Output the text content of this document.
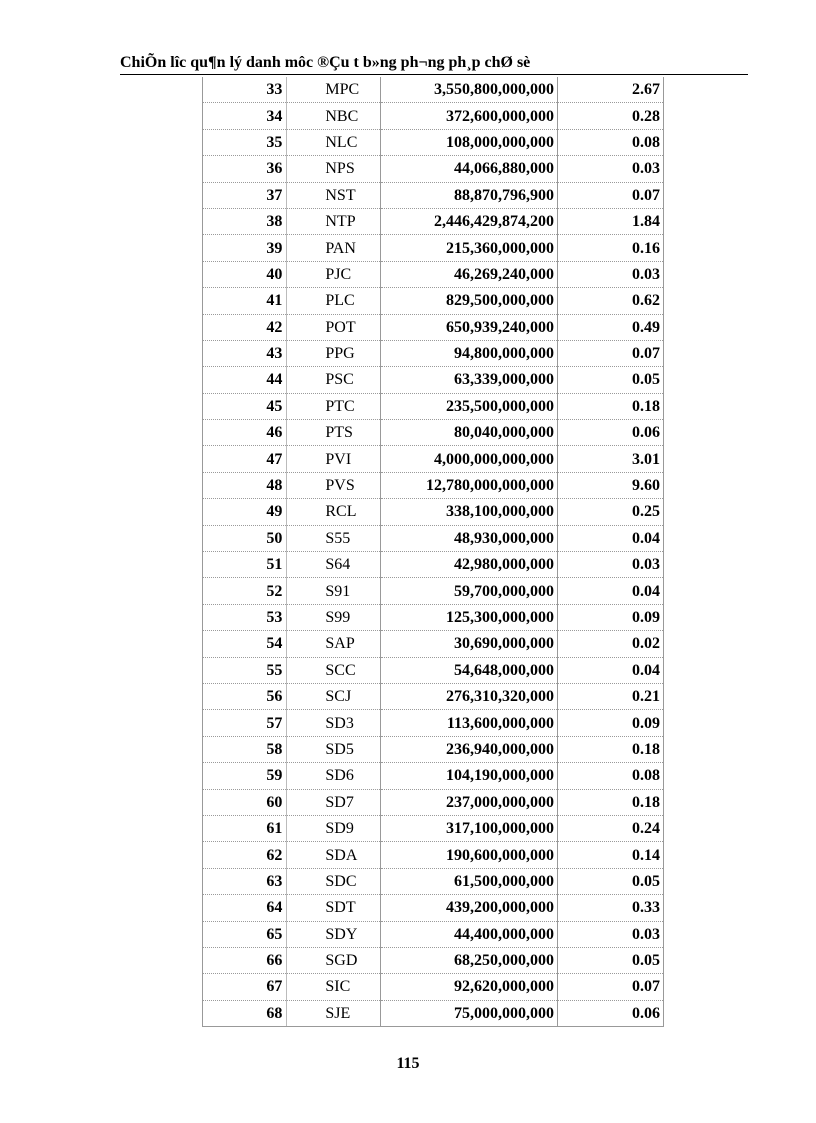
ChiÕn lîc qu¶n lý danh môc ®Çu t b»ng ph¬ng ph¸p chØ sè
33	MPC	3,550,800,000,000	2.67
34	NBC	372,600,000,000	0.28
35	NLC	108,000,000,000	0.08
36	NPS	44,066,880,000	0.03
37	NST	88,870,796,900	0.07
38	NTP	2,446,429,874,200	1.84
39	PAN	215,360,000,000	0.16
40	PJC	46,269,240,000	0.03
41	PLC	829,500,000,000	0.62
42	POT	650,939,240,000	0.49
43	PPG	94,800,000,000	0.07
44	PSC	63,339,000,000	0.05
45	PTC	235,500,000,000	0.18
46	PTS	80,040,000,000	0.06
47	PVI	4,000,000,000,000	3.01
48	PVS	12,780,000,000,000	9.60
49	RCL	338,100,000,000	0.25
50	S55	48,930,000,000	0.04
51	S64	42,980,000,000	0.03
52	S91	59,700,000,000	0.04
53	S99	125,300,000,000	0.09
54	SAP	30,690,000,000	0.02
55	SCC	54,648,000,000	0.04
56	SCJ	276,310,320,000	0.21
57	SD3	113,600,000,000	0.09
58	SD5	236,940,000,000	0.18
59	SD6	104,190,000,000	0.08
60	SD7	237,000,000,000	0.18
61	SD9	317,100,000,000	0.24
62	SDA	190,600,000,000	0.14
63	SDC	61,500,000,000	0.05
64	SDT	439,200,000,000	0.33
65	SDY	44,400,000,000	0.03
66	SGD	68,250,000,000	0.05
67	SIC	92,620,000,000	0.07
68	SJE	75,000,000,000	0.06
115
